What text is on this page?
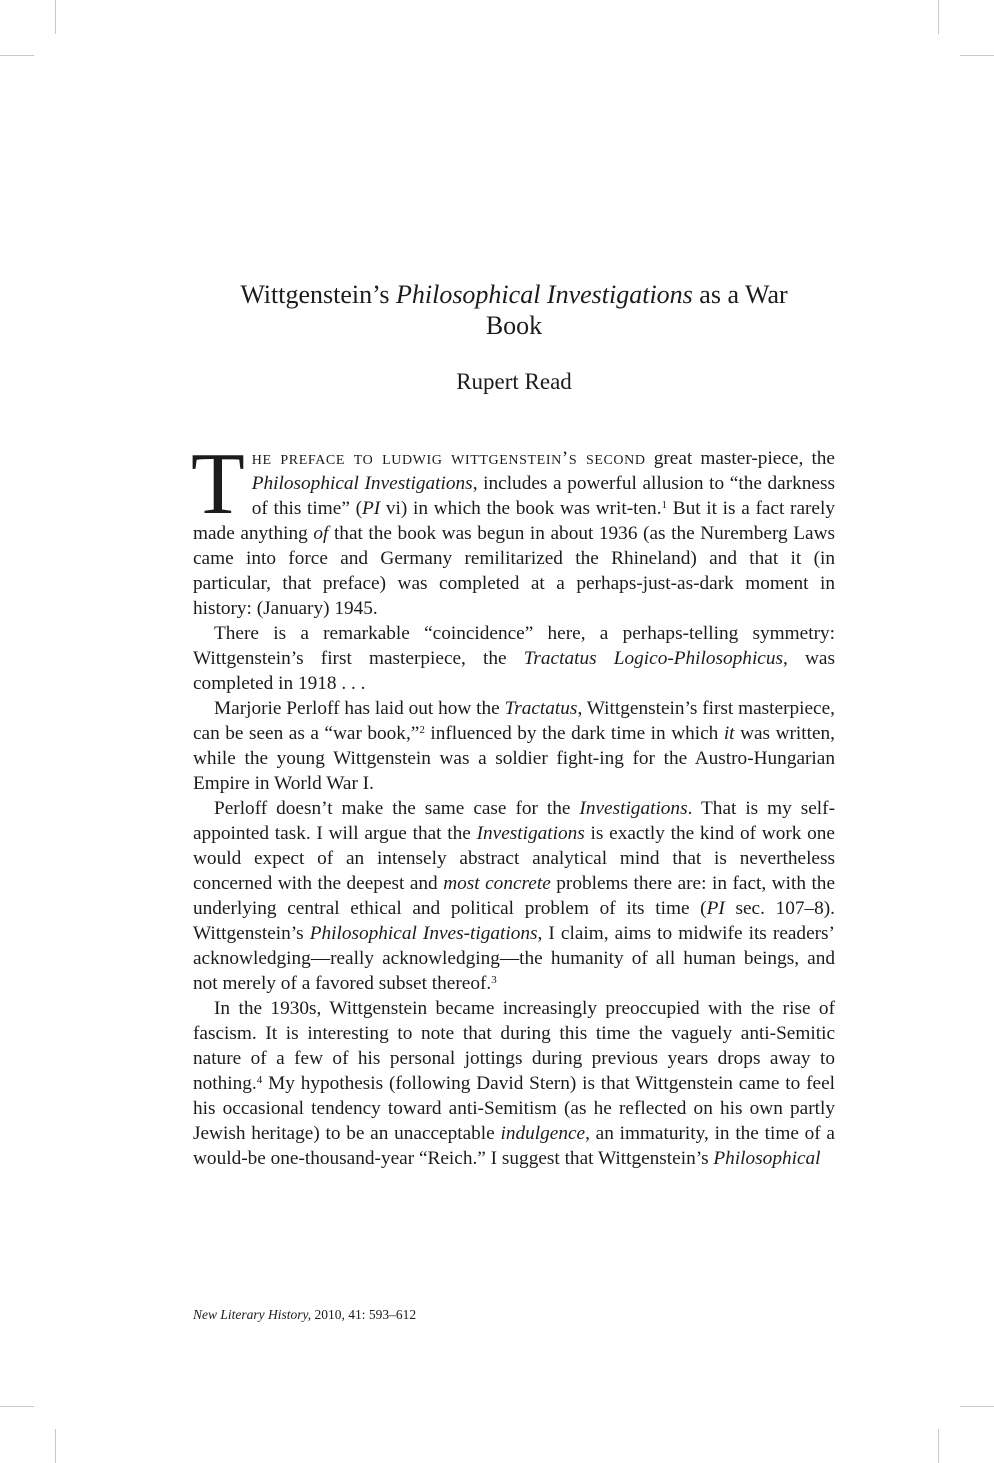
Wittgenstein’s Philosophical Investigations as a War
Book
Rupert Read

The preface to ludwig wittgenstein’s second great master-piece, the Philosophical Investigations, includes a powerful allusion to “the darkness of this time” (PI vi) in which the book was writ-ten.$^1$ But it is a fact rarely made anything of that the book was begun in about 1936 (as the Nuremberg Laws came into force and Germany remilitarized the Rhineland) and that it (in particular, that preface) was completed at a perhaps-just-as-dark moment in history: (January) 1945.

There is a remarkable “coincidence” here, a perhaps-telling symmetry: Wittgenstein’s first masterpiece, the Tractatus Logico-Philosophicus, was completed in 1918 . . .

Marjorie Perloff has laid out how the Tractatus, Wittgenstein’s first masterpiece, can be seen as a “war book,”$^2$ influenced by the dark time in which it was written, while the young Wittgenstein was a soldier fight-ing for the Austro-Hungarian Empire in World War I.

Perloff doesn’t make the same case for the Investigations. That is my self-appointed task. I will argue that the Investigations is exactly the kind of work one would expect of an intensely abstract analytical mind that is nevertheless concerned with the deepest and most concrete problems there are: in fact, with the underlying central ethical and political problem of its time (PI sec. 107–8). Wittgenstein’s Philosophical Inves-tigations, I claim, aims to midwife its readers’ acknowledging—really acknowledging—the humanity of all human beings, and not merely of a favored subset thereof.$^3$

In the 1930s, Wittgenstein became increasingly preoccupied with the rise of fascism. It is interesting to note that during this time the vaguely anti-Semitic nature of a few of his personal jottings during previous years drops away to nothing.$^4$ My hypothesis (following David Stern) is that Wittgenstein came to feel his occasional tendency toward anti-Semitism (as he reflected on his own partly Jewish heritage) to be an unacceptable indulgence, an immaturity, in the time of a would-be one-thousand-year “Reich.” I suggest that Wittgenstein’s Philosophical

New Literary History, 2010, 41: 593–612
